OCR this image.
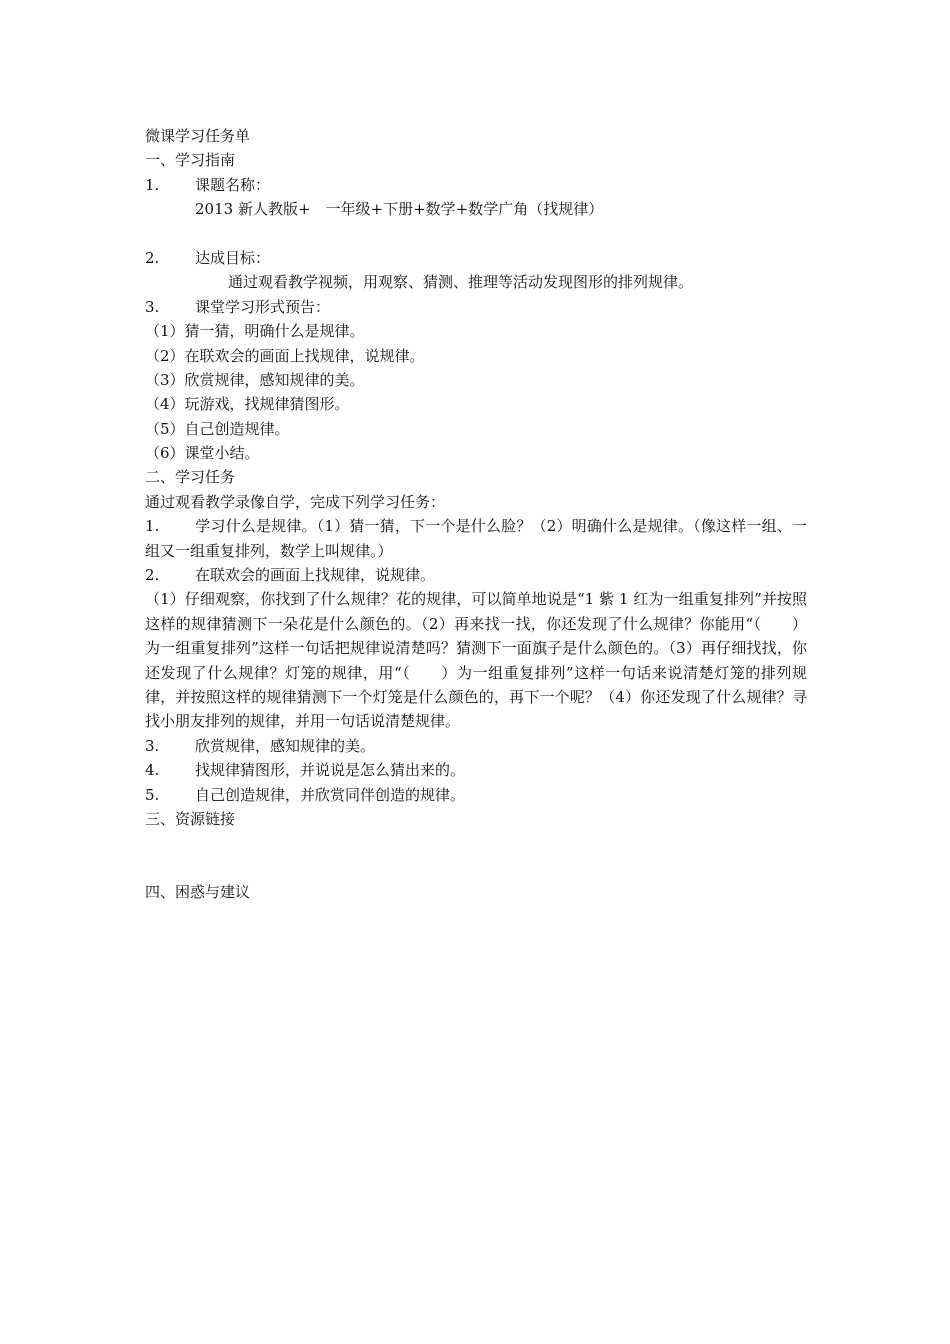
微课学习任务单
一、学习指南
1. 课题名称：
2013 新人教版+　一年级+下册+数学+数学广角（找规律）
2. 达成目标：
通过观看教学视频，用观察、猜测、推理等活动发现图形的排列规律。
3. 课堂学习形式预告：
（1）猜一猜，明确什么是规律。
（2）在联欢会的画面上找规律，说规律。
（3）欣赏规律，感知规律的美。
（4）玩游戏，找规律猜图形。
（5）自己创造规律。
（6）课堂小结。
二、学习任务
通过观看教学录像自学，完成下列学习任务：
1. 学习什么是规律。（1）猜一猜，下一个是什么脸？（2）明确什么是规律。（像这样一组、一组又一组重复排列，数学上叫规律。）
2. 在联欢会的画面上找规律，说规律。
（1）仔细观察，你找到了什么规律？花的规律，可以简单地说是“1 紫 1 红为一组重复排列”并按照这样的规律猜测下一朵花是什么颜色的。（2）再来找一找，你还发现了什么规律？你能用“（　　）为一组重复排列”这样一句话把规律说清楚吗？猜测下一面旗子是什么颜色的。（3）再仔细找找，你还发现了什么规律？灯笼的规律，用“（　　）为一组重复排列”这样一句话来说清楚灯笼的排列规律，并按照这样的规律猜测下一个灯笼是什么颜色的，再下一个呢？（4）你还发现了什么规律？寻找小朋友排列的规律，并用一句话说清楚规律。
3. 欣赏规律，感知规律的美。
4. 找规律猜图形，并说说是怎么猜出来的。
5. 自己创造规律，并欣赏同伴创造的规律。
三、资源链接
四、困惑与建议
